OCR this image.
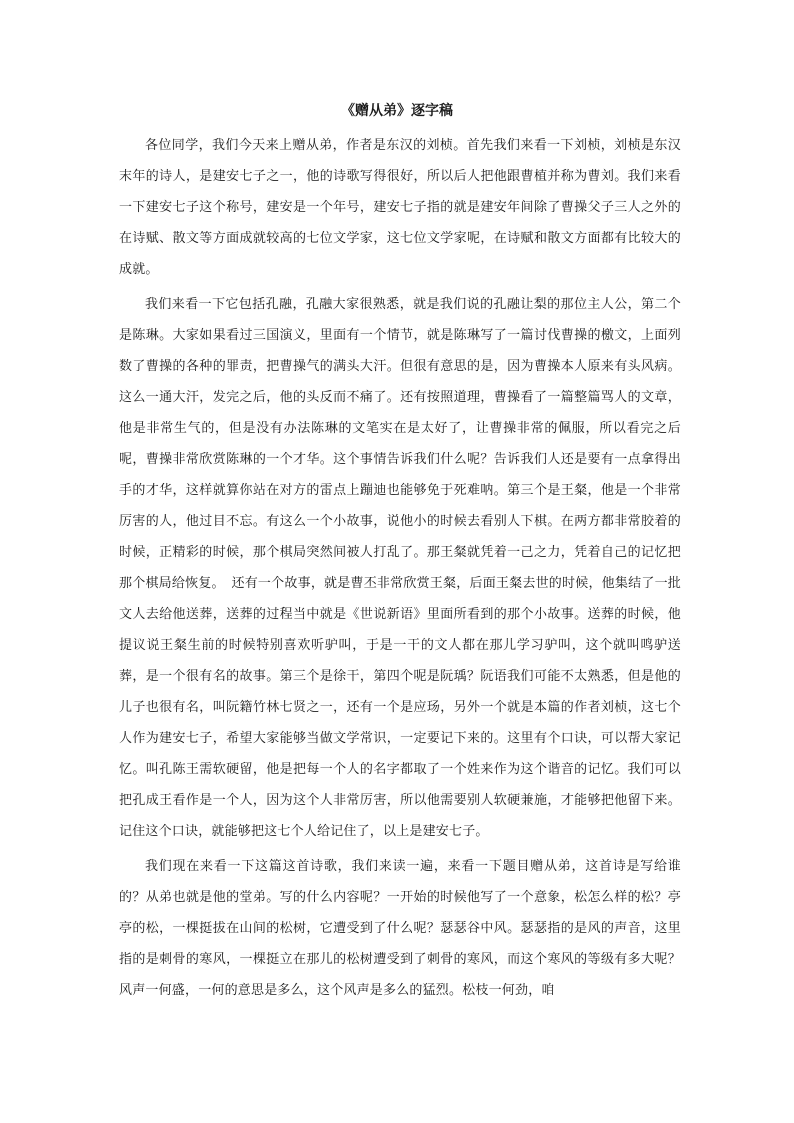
《赠从弟》逐字稿

各位同学，我们今天来上赠从弟，作者是东汉的刘桢。首先我们来看一下刘桢，刘桢是东汉末年的诗人，是建安七子之一，他的诗歌写得很好，所以后人把他跟曹植并称为曹刘。我们来看一下建安七子这个称号，建安是一个年号，建安七子指的就是建安年间除了曹操父子三人之外的在诗赋、散文等方面成就较高的七位文学家，这七位文学家呢，在诗赋和散文方面都有比较大的成就。

我们来看一下它包括孔融，孔融大家很熟悉，就是我们说的孔融让梨的那位主人公，第二个是陈琳。大家如果看过三国演义，里面有一个情节，就是陈琳写了一篇讨伐曹操的檄文，上面列数了曹操的各种的罪责，把曹操气的满头大汗。但很有意思的是，因为曹操本人原来有头风病。这么一通大汗，发完之后，他的头反而不痛了。还有按照道理，曹操看了一篇整篇骂人的文章，他是非常生气的，但是没有办法陈琳的文笔实在是太好了，让曹操非常的佩服，所以看完之后呢，曹操非常欣赏陈琳的一个才华。这个事情告诉我们什么呢？告诉我们人还是要有一点拿得出手的才华，这样就算你站在对方的雷点上蹦迪也能够免于死难呐。第三个是王粲，他是一个非常厉害的人，他过目不忘。有这么一个小故事，说他小的时候去看别人下棋。在两方都非常胶着的时候，正精彩的时候，那个棋局突然间被人打乱了。那王粲就凭着一己之力，凭着自己的记忆把那个棋局给恢复。　还有一个故事，就是曹丕非常欣赏王粲，后面王粲去世的时候，他集结了一批文人去给他送葬，送葬的过程当中就是《世说新语》里面所看到的那个小故事。送葬的时候，他提议说王粲生前的时候特别喜欢听驴叫，于是一干的文人都在那儿学习驴叫，这个就叫鸣驴送葬，是一个很有名的故事。第三个是徐干，第四个呢是阮瑀？阮语我们可能不太熟悉，但是他的儿子也很有名，叫阮籍竹林七贤之一，还有一个是应玚，另外一个就是本篇的作者刘桢，这七个人作为建安七子，希望大家能够当做文学常识，一定要记下来的。这里有个口诀，可以帮大家记忆。叫孔陈王需软硬留，他是把每一个人的名字都取了一个姓来作为这个谐音的记忆。我们可以把孔成王看作是一个人，因为这个人非常厉害，所以他需要别人软硬兼施，才能够把他留下来。记住这个口诀，就能够把这七个人给记住了，以上是建安七子。

我们现在来看一下这篇这首诗歌，我们来读一遍，来看一下题目赠从弟，这首诗是写给谁的？从弟也就是他的堂弟。写的什么内容呢？一开始的时候他写了一个意象，松怎么样的松？亭亭的松，一棵挺拔在山间的松树，它遭受到了什么呢？瑟瑟谷中风。瑟瑟指的是风的声音，这里指的是刺骨的寒风，一棵挺立在那儿的松树遭受到了刺骨的寒风，而这个寒风的等级有多大呢？风声一何盛，一何的意思是多么，这个风声是多么的猛烈。松枝一何劲，咱
